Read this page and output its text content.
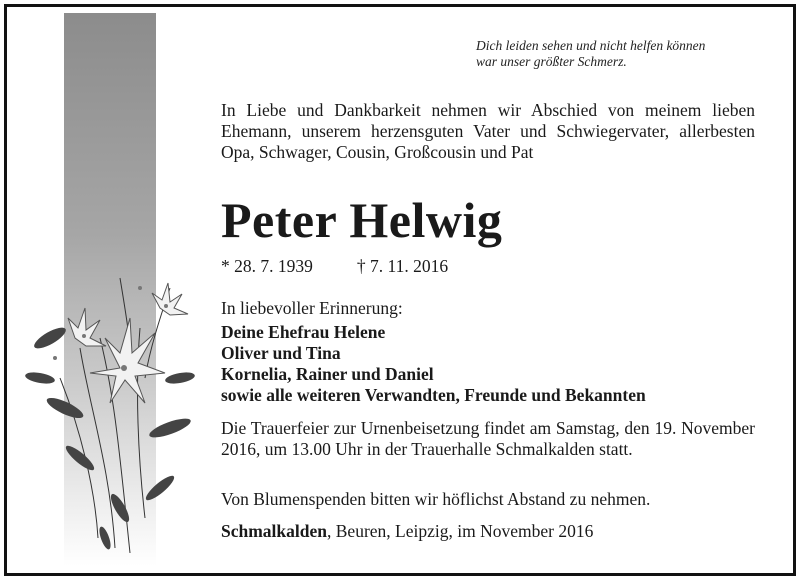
Dich leiden sehen und nicht helfen können
war unser größter Schmerz.
In Liebe und Dankbarkeit nehmen wir Abschied von meinem lieben Ehemann, unserem herzensguten Vater und Schwiegervater, allerbesten Opa, Schwager, Cousin, Großcousin und Pat
Peter Helwig
* 28. 7. 1939	† 7. 11. 2016
In liebevoller Erinnerung:
Deine Ehefrau Helene
Oliver und Tina
Kornelia, Rainer und Daniel
sowie alle weiteren Verwandten, Freunde und Bekannten
Die Trauerfeier zur Urnenbeisetzung findet am Samstag, den 19. November 2016, um 13.00 Uhr in der Trauerhalle Schmalkalden statt.
Von Blumenspenden bitten wir höflichst Abstand zu nehmen.
Schmalkalden, Beuren, Leipzig, im November 2016
